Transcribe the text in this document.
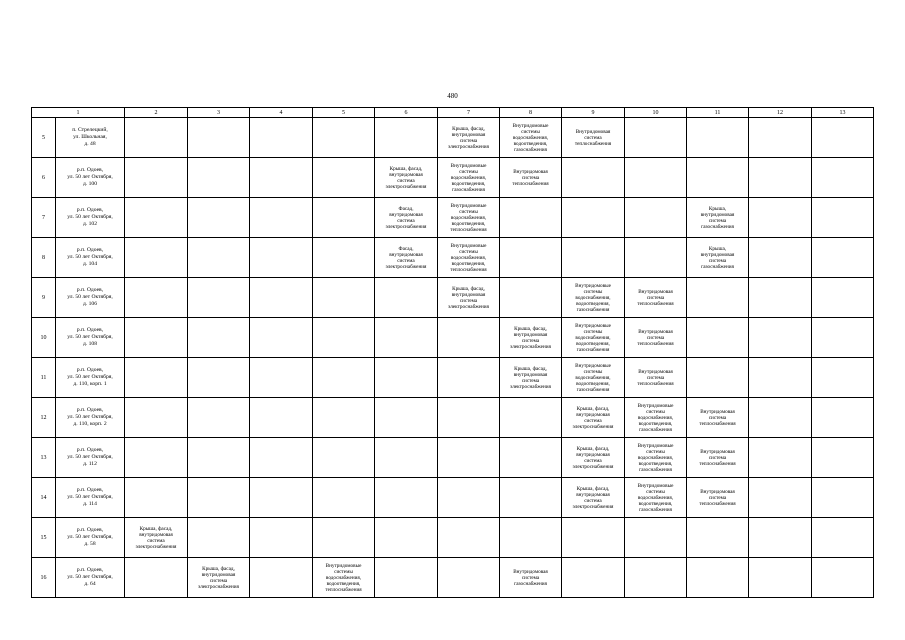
480
1		2	3	4	5	6	7	8	9	10	11	12	13
5	п. Стрелецкий,
ул. Школьная,
д. 48						Крыша, фасад,
внутридомовая
система
электроснабжения	Внутридомовые
системы
водоснабжения,
водоотведения,
газоснабжения	Внутридомовая
система
теплоснабжения				
6	р.п. Одоев,
ул. 50 лет Октября,
д. 100					Крыша, фасад,
внутридомовая
система
электроснабжения	Внутридомовые
системы
водоснабжения,
водоотведения,
газоснабжения	Внутридомовая
система
теплоснабжения					
7	р.п. Одоев,
ул. 50 лет Октября,
д. 102					Фасад,
внутридомовая
система
электроснабжения	Внутридомовые
системы
водоснабжения,
водоотведения,
теплоснабжения				Крыша,
внутридомовая
система
газоснабжения		
8	р.п. Одоев,
ул. 50 лет Октября,
д. 104					Фасад,
внутридомовая
система
электроснабжения	Внутридомовые
системы
водоснабжения,
водоотведения,
теплоснабжения				Крыша,
внутридомовая
система
газоснабжения		
9	р.п. Одоев,
ул. 50 лет Октября,
д. 106						Крыша, фасад,
внутридомовая
система
электроснабжения		Внутридомовые
системы
водоснабжения,
водоотведения,
газоснабжения	Внутридомовая
система
теплоснабжения			
10	р.п. Одоев,
ул. 50 лет Октября,
д. 108							Крыша, фасад,
внутридомовая
система
электроснабжения	Внутридомовые
системы
водоснабжения,
водоотведения,
газоснабжения	Внутридомовая
система
теплоснабжения			
11	р.п. Одоев,
ул. 50 лет Октября,
д. 110, корп. 1							Крыша, фасад,
внутридомовая
система
электроснабжения	Внутридомовые
системы
водоснабжения,
водоотведения,
газоснабжения	Внутридомовая
система
теплоснабжения			
12	р.п. Одоев,
ул. 50 лет Октября,
д. 110, корп. 2								Крыша, фасад,
внутридомовая
система
электроснабжения	Внутридомовые
системы
водоснабжения,
водоотведения,
газоснабжения	Внутридомовая
система
теплоснабжения		
13	р.п. Одоев,
ул. 50 лет Октября,
д. 112								Крыша, фасад,
внутридомовая
система
электроснабжения	Внутридомовые
системы
водоснабжения,
водоотведения,
газоснабжения	Внутридомовая
система
теплоснабжения		
14	р.п. Одоев,
ул. 50 лет Октября,
д. 114								Крыша, фасад,
внутридомовая
система
электроснабжения	Внутридомовые
системы
водоснабжения,
водоотведения,
газоснабжения	Внутридомовая
система
теплоснабжения		
15	р.п. Одоев,
ул. 50 лет Октября,
д. 58	Крыша, фасад,
внутридомовая
система
электроснабжения											
16	р.п. Одоев,
ул. 50 лет Октября,
д. 64		Крыша, фасад,
внутридомовая
система
электроснабжения		Внутридомовые
системы
водоснабжения,
водоотведения,
теплоснабжения			Внутридомовая
система
газоснабжения					
